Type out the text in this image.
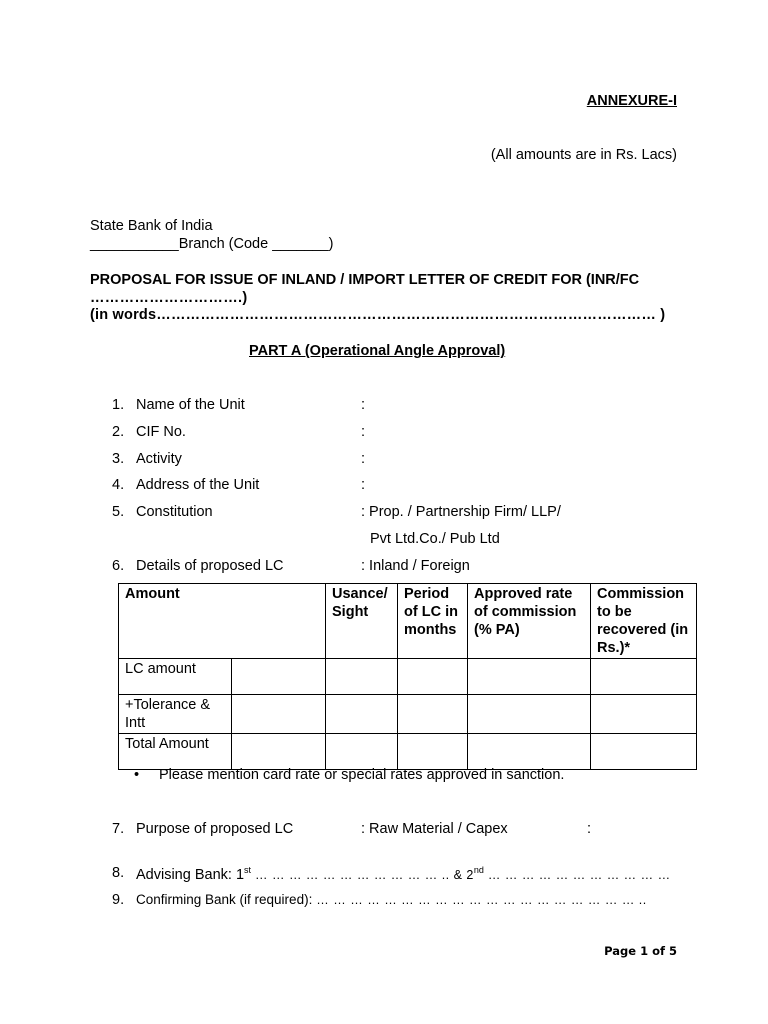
ANNEXURE-I
(All amounts are in Rs. Lacs)
State Bank of India
___________Branch (Code _______)
PROPOSAL FOR ISSUE OF INLAND / IMPORT LETTER OF CREDIT FOR (INR/FC
………………………….)
(in words………………………………………………………………………………………… )
PART A (Operational Angle Approval)
1. Name of the Unit	:
2. CIF No.	:
3. Activity	:
4. Address of the Unit	:
5. Constitution	: Prop. / Partnership Firm/ LLP/
Pvt Ltd.Co./ Pub Ltd
6. Details of proposed LC	: Inland / Foreign
Amount		Usance/ Sight	Period of LC in months	Approved rate of commission (% PA)	Commission to be recovered (in Rs.)*
LC amount					
+Tolerance & Intt					
Total Amount					
• Please mention card rate or special rates approved in sanction.
7. Purpose of proposed LC	: Raw Material / Capex	:
8. Advising Bank: 1st … … … … … … … … … … … .. & 2nd … … … … … … … … … … …
9. Confirming Bank (if required): … … … … … … … … … … … … … … … … … … … ..
Page 1 of 5
